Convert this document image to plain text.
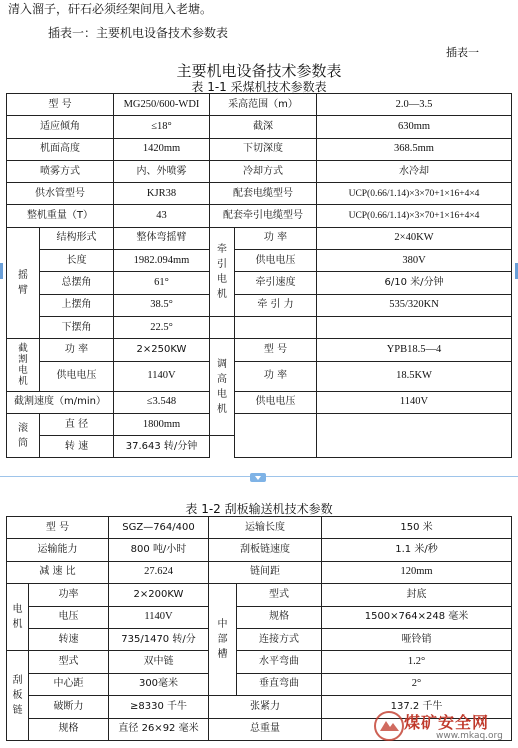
清入溜子，矸石必须经架间甩入老塘。
插表一：主要机电设备技术参数表
插表一
主要机电设备技术参数表
表 1-1 采煤机技术参数表
型 号		MG250/600-WDI	采高范围（m）		2.0—3.5
适应倾角		≤18°	截深		630mm
机面高度		1420mm	下切深度		368.5mm
喷雾方式		内、外喷雾	冷却方式		水冷却
供水管型号		KJR38	配套电缆型号		UCP(0.66/1.14)×3×70+1×16+4×4
整机重量（T）		43	配套牵引电缆型号		UCP(0.66/1.14)×3×70+1×16+4×4

摇臂	结构形式	整体弯摇臂	牵引电机	功 率	2×40KW
	长度	1982.094mm		供电电压	380V
	总摆角	61°		牵引速度	6/10 米/分钟
	上摆角	38.5°		牵 引 力	535/320KN
	下摆角	22.5°			

截割电机	功 率	2×250KW	调高电机	型 号	YPB18.5—4
	供电电压	1140V		功 率	18.5KW
截割速度（m/min）		≤3.548		供电电压	1140V

滚筒	直 径	1800mm			
	转 速	37.643 转/分钟			
表 1-2 刮板输送机技术参数
型 号		SGZ—764/400	运输长度		150 米
运输能力		800 吨/小时	刮板链速度		1.1 米/秒
减 速 比		27.624	链间距		120mm

电机	功率	2×200KW	中部槽	型式	封底
	电压	1140V		规格	1500×764×248 毫米
	转速	735/1470 转/分		连接方式	哑铃销

刮板链	型式	双中链		水平弯曲	1.2°
	中心距	300毫米		垂直弯曲	2°
	破断力	≥8330 千牛	张紧力		137.2 千牛
	规格	直径 26×92 毫米	总重量			煤矿安全网
www.mkaq.org
